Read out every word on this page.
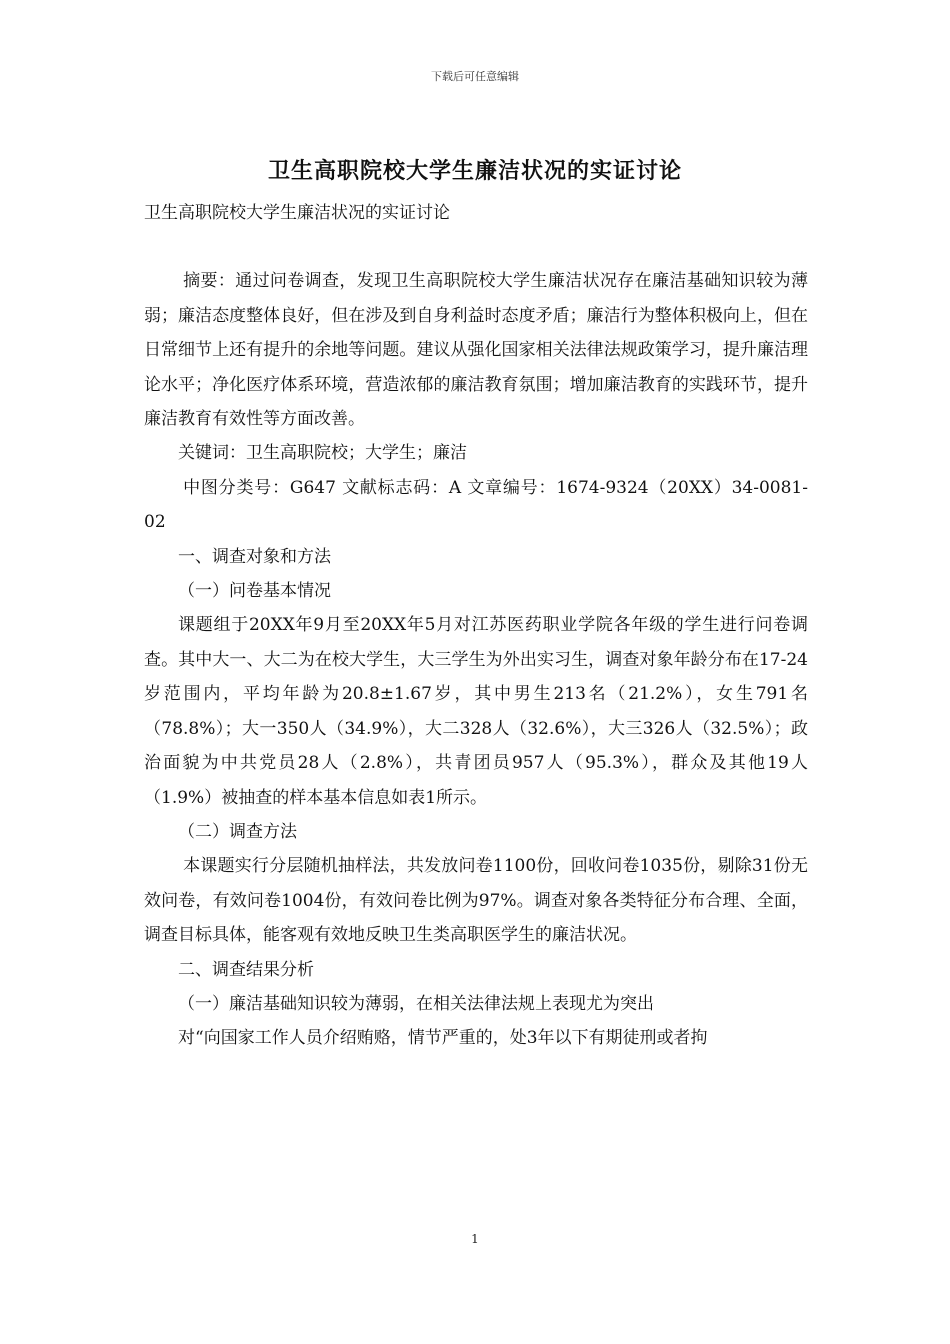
下载后可任意编辑
卫生高职院校大学生廉洁状况的实证讨论

卫生高职院校大学生廉洁状况的实证讨论

摘要：通过问卷调查，发现卫生高职院校大学生廉洁状况存在廉洁基础知识较为薄弱；廉洁态度整体良好，但在涉及到自身利益时态度矛盾；廉洁行为整体积极向上，但在日常细节上还有提升的余地等问题。建议从强化国家相关法律法规政策学习，提升廉洁理论水平；净化医疗体系环境，营造浓郁的廉洁教育氛围；增加廉洁教育的实践环节，提升廉洁教育有效性等方面改善。

关键词：卫生高职院校；大学生；廉洁

中图分类号：G647 文献标志码：A 文章编号：1674-9324（20XX）34-0081-02

一、调查对象和方法

（一）问卷基本情况

课题组于20XX年9月至20XX年5月对江苏医药职业学院各年级的学生进行问卷调查。其中大一、大二为在校大学生，大三学生为外出实习生，调查对象年龄分布在17-24岁范围内，平均年龄为20.8±1.67岁，其中男生213名（21.2%），女生791名（78.8%）；大一350人（34.9%），大二328人（32.6%），大三326人（32.5%）；政治面貌为中共党员28人（2.8%），共青团员957人（95.3%），群众及其他19人（1.9%）被抽查的样本基本信息如表1所示。

（二）调查方法

本课题实行分层随机抽样法，共发放问卷1100份，回收问卷1035份，剔除31份无效问卷，有效问卷1004份，有效问卷比例为97%。调查对象各类特征分布合理、全面，调查目标具体，能客观有效地反映卫生类高职医学生的廉洁状况。

二、调查结果分析

（一）廉洁基础知识较为薄弱，在相关法律法规上表现尤为突出

对“向国家工作人员介绍贿赂，情节严重的，处3年以下有期徒刑或者拘

1
